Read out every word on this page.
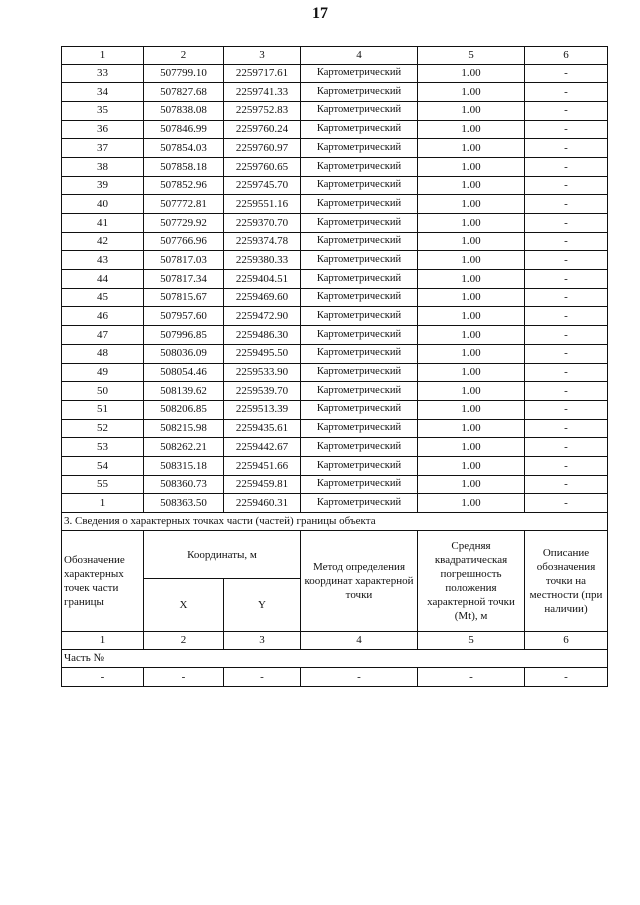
17
1	2	3	4	5	6
33	507799.10	2259717.61	Картометрический	1.00	-
34	507827.68	2259741.33	Картометрический	1.00	-
35	507838.08	2259752.83	Картометрический	1.00	-
36	507846.99	2259760.24	Картометрический	1.00	-
37	507854.03	2259760.97	Картометрический	1.00	-
38	507858.18	2259760.65	Картометрический	1.00	-
39	507852.96	2259745.70	Картометрический	1.00	-
40	507772.81	2259551.16	Картометрический	1.00	-
41	507729.92	2259370.70	Картометрический	1.00	-
42	507766.96	2259374.78	Картометрический	1.00	-
43	507817.03	2259380.33	Картометрический	1.00	-
44	507817.34	2259404.51	Картометрический	1.00	-
45	507815.67	2259469.60	Картометрический	1.00	-
46	507957.60	2259472.90	Картометрический	1.00	-
47	507996.85	2259486.30	Картометрический	1.00	-
48	508036.09	2259495.50	Картометрический	1.00	-
49	508054.46	2259533.90	Картометрический	1.00	-
50	508139.62	2259539.70	Картометрический	1.00	-
51	508206.85	2259513.39	Картометрический	1.00	-
52	508215.98	2259435.61	Картометрический	1.00	-
53	508262.21	2259442.67	Картометрический	1.00	-
54	508315.18	2259451.66	Картометрический	1.00	-
55	508360.73	2259459.81	Картометрический	1.00	-
1	508363.50	2259460.31	Картометрический	1.00	-
3. Сведения о характерных точках части (частей) границы объекта					
Обозначение характерных точек части границы	Координаты, м		Метод определения координат характерной точки	Средняя квадратическая погрешность положения характерной точки (Mt), м	Описание обозначения точки на местности (при наличии)
	X	Y			
1	2	3	4	5	6
Часть №					
-	-	-	-	-	-
